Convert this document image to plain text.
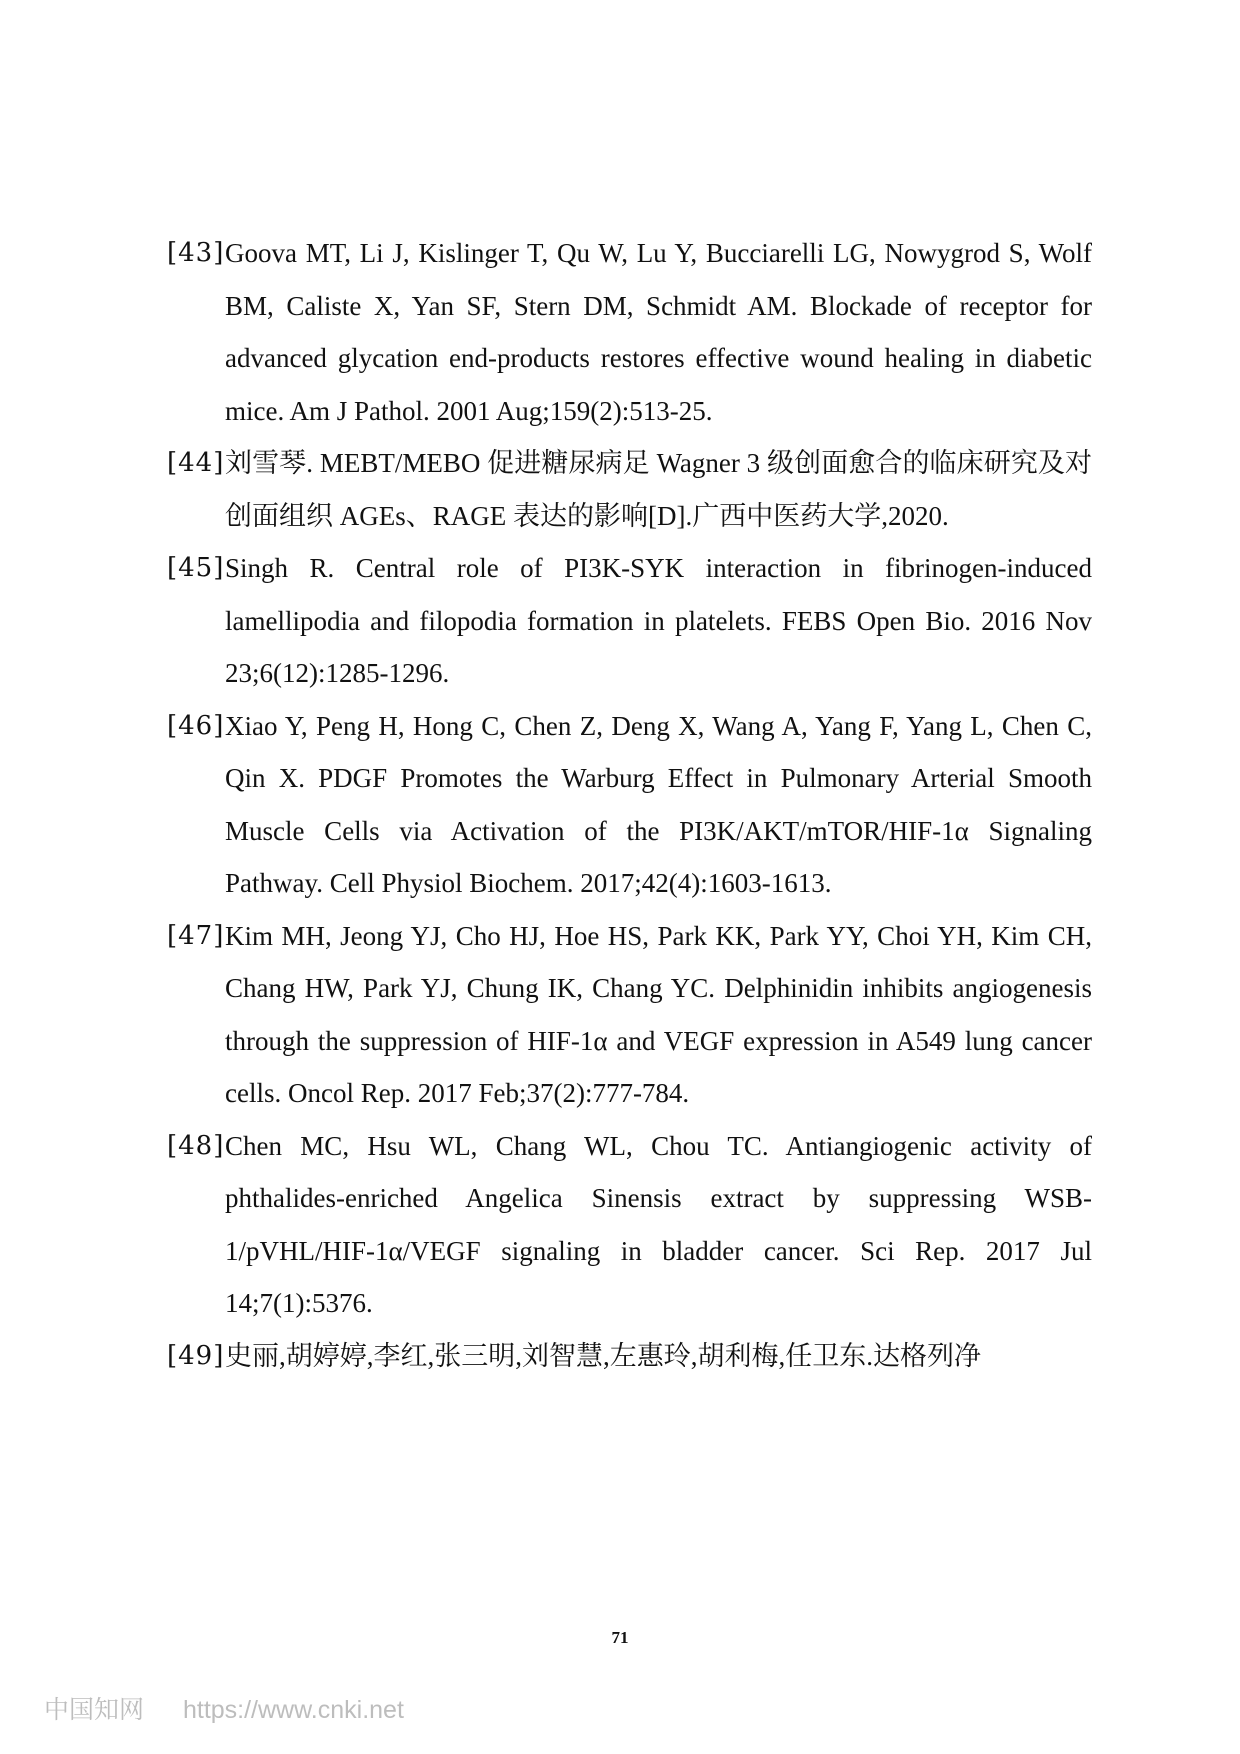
[43] Goova MT, Li J, Kislinger T, Qu W, Lu Y, Bucciarelli LG, Nowygrod S, Wolf BM, Caliste X, Yan SF, Stern DM, Schmidt AM. Blockade of receptor for advanced glycation end-products restores effective wound healing in diabetic mice. Am J Pathol. 2001 Aug;159(2):513-25.
[44] 刘雪琴. MEBT/MEBO 促进糖尿病足 Wagner 3 级创面愈合的临床研究及对创面组织 AGEs、RAGE 表达的影响[D].广西中医药大学,2020.
[45] Singh R. Central role of PI3K-SYK interaction in fibrinogen-induced lamellipodia and filopodia formation in platelets. FEBS Open Bio. 2016 Nov 23;6(12):1285-1296.
[46] Xiao Y, Peng H, Hong C, Chen Z, Deng X, Wang A, Yang F, Yang L, Chen C, Qin X. PDGF Promotes the Warburg Effect in Pulmonary Arterial Smooth Muscle Cells via Activation of the PI3K/AKT/mTOR/HIF-1α Signaling Pathway. Cell Physiol Biochem. 2017;42(4):1603-1613.
[47] Kim MH, Jeong YJ, Cho HJ, Hoe HS, Park KK, Park YY, Choi YH, Kim CH, Chang HW, Park YJ, Chung IK, Chang YC. Delphinidin inhibits angiogenesis through the suppression of HIF-1α and VEGF expression in A549 lung cancer cells. Oncol Rep. 2017 Feb;37(2):777-784.
[48] Chen MC, Hsu WL, Chang WL, Chou TC. Antiangiogenic activity of phthalides-enriched Angelica Sinensis extract by suppressing WSB-1/pVHL/HIF-1α/VEGF signaling in bladder cancer. Sci Rep. 2017 Jul 14;7(1):5376.
[49] 史丽,胡婷婷,李红,张三明,刘智慧,左惠玲,胡利梅,任卫东.达格列净
71
中国知网 https://www.cnki.net
